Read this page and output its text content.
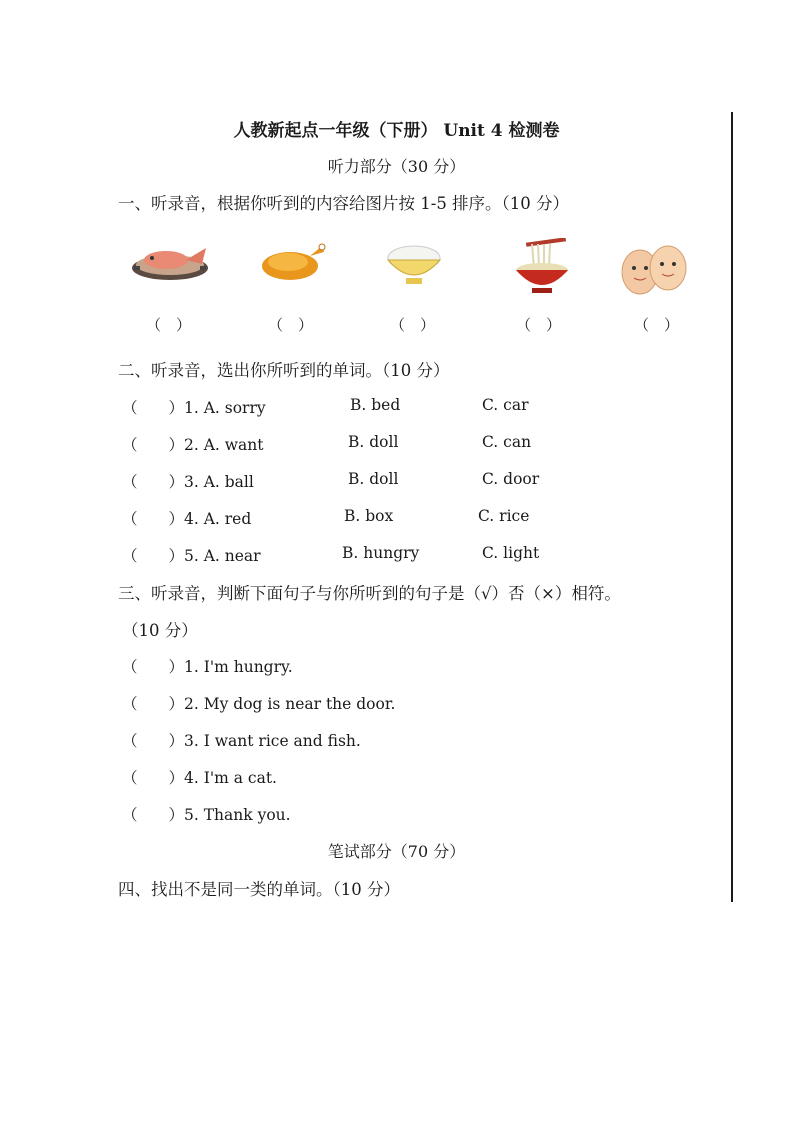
人教新起点一年级（下册） Unit 4 检测卷
听力部分（30 分）
一、听录音，根据你听到的内容给图片按 1-5 排序。（10 分）
（　）	（　）	（　）	（　）	（　）
二、听录音，选出你所听到的单词。（10 分）
（　　）1. A. sorry	B. bed	C. car
（　　）2. A. want	B. doll	C. can
（　　）3. A. ball	B. doll	C. door
（　　）4. A. red	B. box	C. rice
（　　）5. A. near	B. hungry	C. light
三、听录音，判断下面句子与你所听到的句子是（√）否（×）相符。
（10 分）
（　　）1. I'm hungry.
（　　）2. My dog is near the door.
（　　）3. I want rice and fish.
（　　）4. I'm a cat.
（　　）5. Thank you.
笔试部分（70 分）
四、找出不是同一类的单词。（10 分）
